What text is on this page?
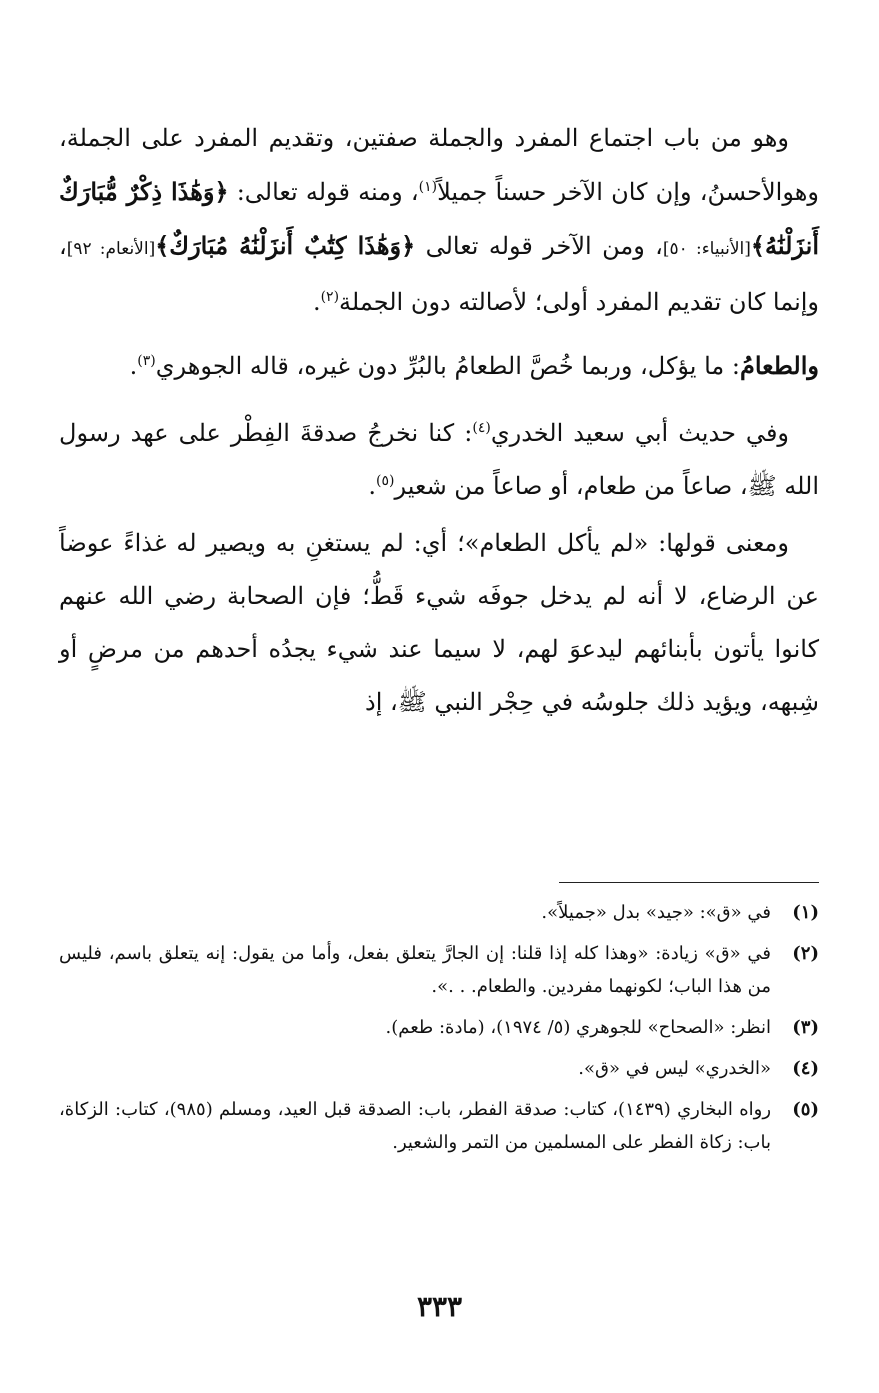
وهو من باب اجتماع المفرد والجملة صفتين، وتقديم المفرد على الجملة، وهوالأحسنُ، وإن كان الآخر حسناً جميلاً$^{(١)}$، ومنه قوله تعالى: ﴿وَهَٰذَا ذِكْرٌ مُّبَارَكٌ أَنزَلْنَٰهُ﴾[الأنبياء: ٥٠]، ومن الآخر قوله تعالى ﴿وَهَٰذَا كِتَٰبٌ أَنزَلْنَٰهُ مُبَارَكٌ﴾[الأنعام: ٩٢]، وإنما كان تقديم المفرد أولى؛ لأصالته دون الجملة$^{(٢)}$.

والطعامُ: ما يؤكل، وربما خُصَّ الطعامُ بالبُرِّ دون غيره، قاله الجوهري$^{(٣)}$.

وفي حديث أبي سعيد الخدري$^{(٤)}$: كنا نخرجُ صدقةَ الفِطْر على عهد رسول الله ﷺ، صاعاً من طعام، أو صاعاً من شعير$^{(٥)}$.

ومعنى قولها: «لم يأكل الطعام»؛ أي: لم يستغنِ به ويصير له غذاءً عوضاً عن الرضاع، لا أنه لم يدخل جوفَه شيء قَطُّ؛ فإن الصحابة رضي الله عنهم كانوا يأتون بأبنائهم ليدعوَ لهم، لا سيما عند شيء يجدُه أحدهم من مرضٍ أو شِبهه، ويؤيد ذلك جلوسُه في حِجْر النبي ﷺ، إذ

(١)
في «ق»: «جيد» بدل «جميلاً».
(٢)
في «ق» زيادة: «وهذا كله إذا قلنا: إن الجارَّ يتعلق بفعل، وأما من يقول: إنه يتعلق باسم، فليس من هذا الباب؛ لكونهما مفردين. والطعام. . .».
(٣)
انظر: «الصحاح» للجوهري (٥/ ١٩٧٤)، (مادة: طعم).
(٤)
«الخدري» ليس في «ق».
(٥)
رواه البخاري (١٤٣٩)، كتاب: صدقة الفطر، باب: الصدقة قبل العيد، ومسلم (٩٨٥)، كتاب: الزكاة، باب: زكاة الفطر على المسلمين من التمر والشعير.
٣٣٣
